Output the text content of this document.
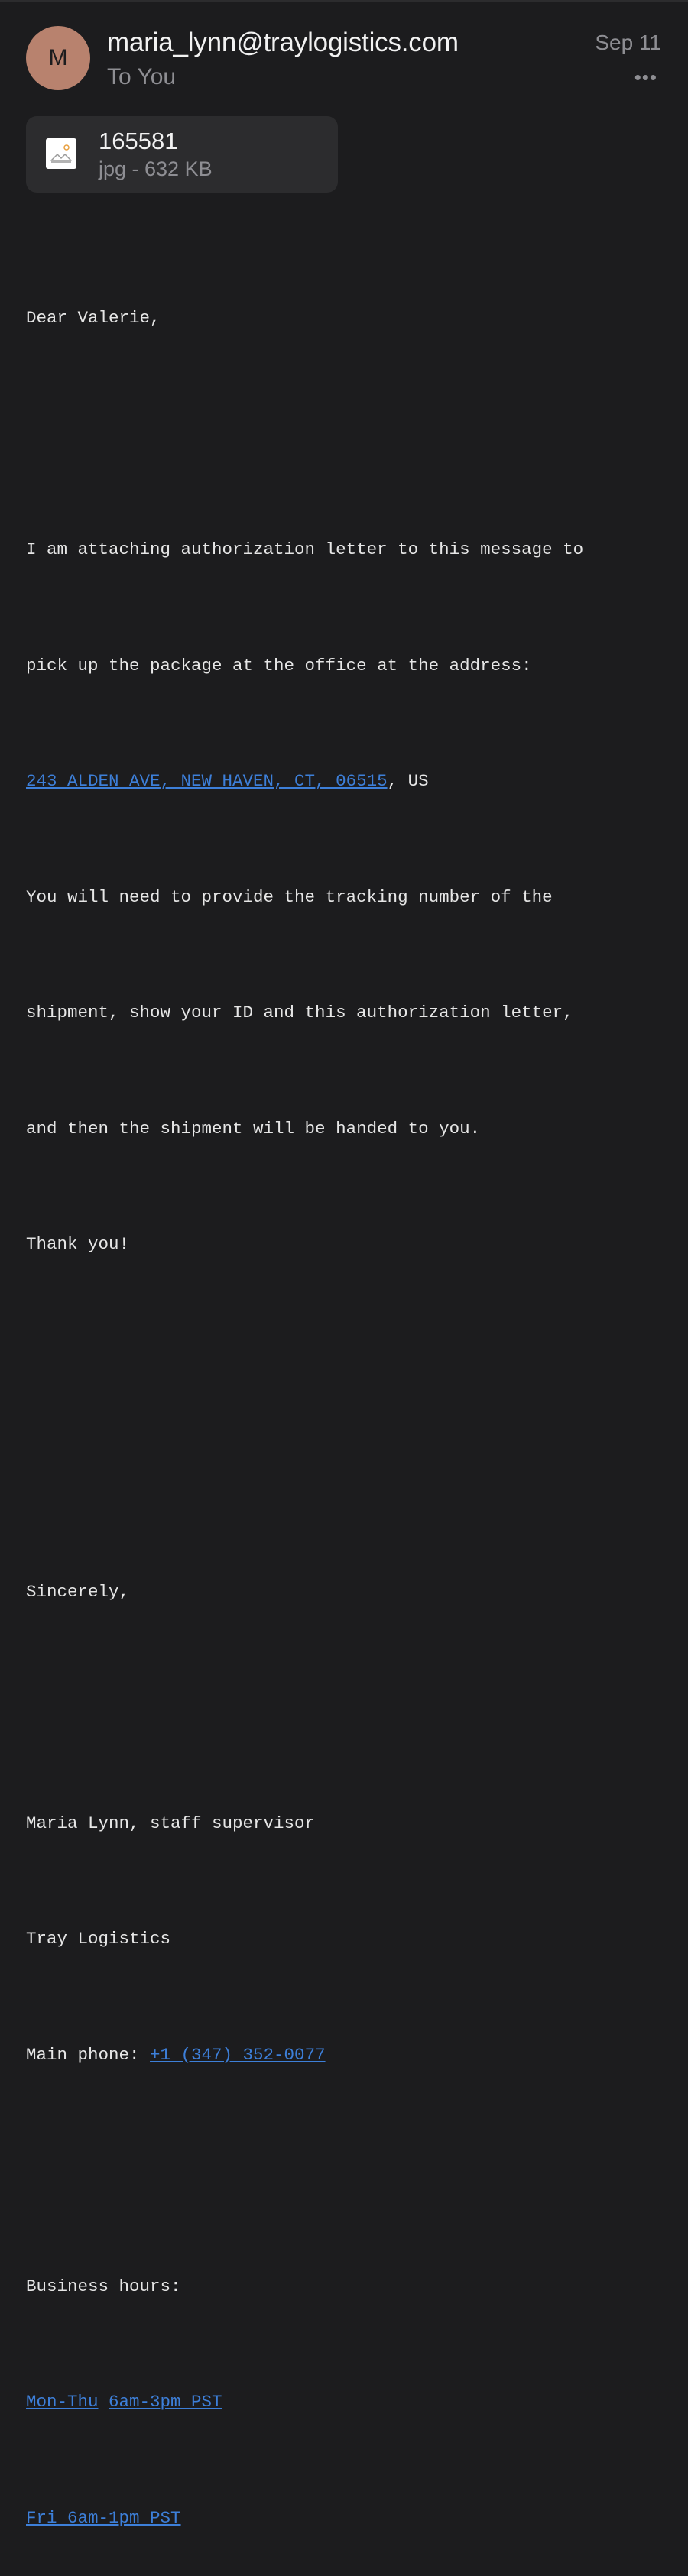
M
maria_lynn@traylogistics.com
To You
Sep 11
•••
165581
jpg - 632 KB

Dear Valerie,

I am attaching authorization letter to this message to

pick up the package at the office at the address:

243 ALDEN AVE, NEW HAVEN, CT, 06515, US

You will need to provide the tracking number of the

shipment, show your ID and this authorization letter,

and then the shipment will be handed to you.

Thank you!

Sincerely,

Maria Lynn, staff supervisor

Tray Logistics

Main phone: +1 (347) 352-0077

Business hours:

Mon-Thu 6am-3pm PST

Fri 6am-1pm PST
